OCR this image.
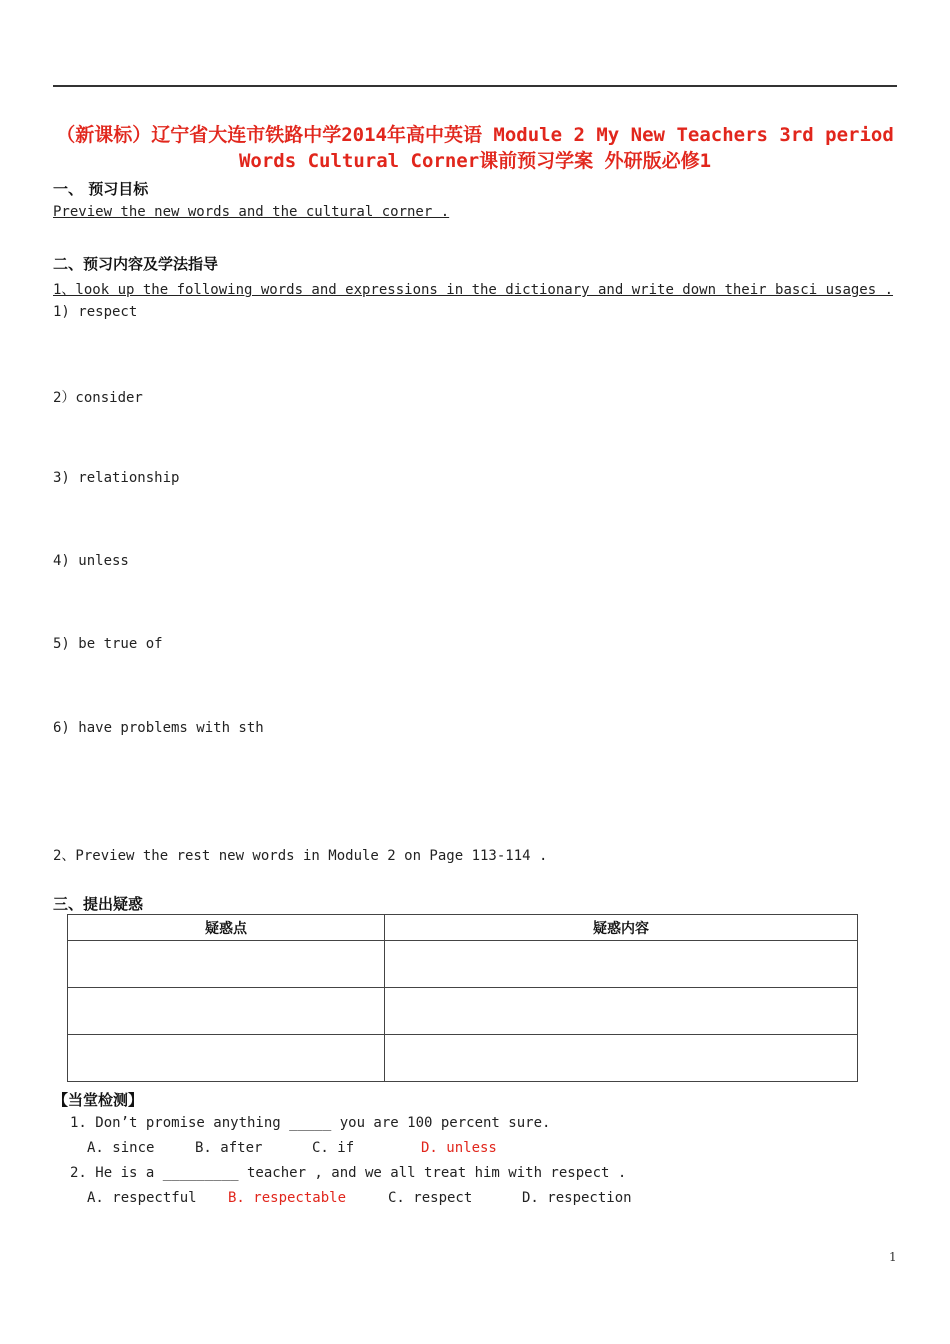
（新课标）辽宁省大连市铁路中学2014年高中英语 Module 2 My New Teachers 3rd period Words Cultural Corner课前预习学案 外研版必修1
一、 预习目标
Preview the new words and the cultural corner .
二、预习内容及学法指导
1、look up the following words and expressions in the dictionary and write down their basci usages .
1) respect
2）consider
3) relationship
4) unless
5) be true of
6) have problems with sth
2、Preview the rest new words in Module 2 on Page 113-114 .
三、提出疑惑
疑惑点	疑惑内容

【当堂检测】
1. Don’t promise anything _____ you are 100 percent sure.
A. since	B. after	C. if	D. unless
2. He is a _________ teacher , and we all treat him with respect .
A. respectful B. respectable	C. respect	D. respection
1
